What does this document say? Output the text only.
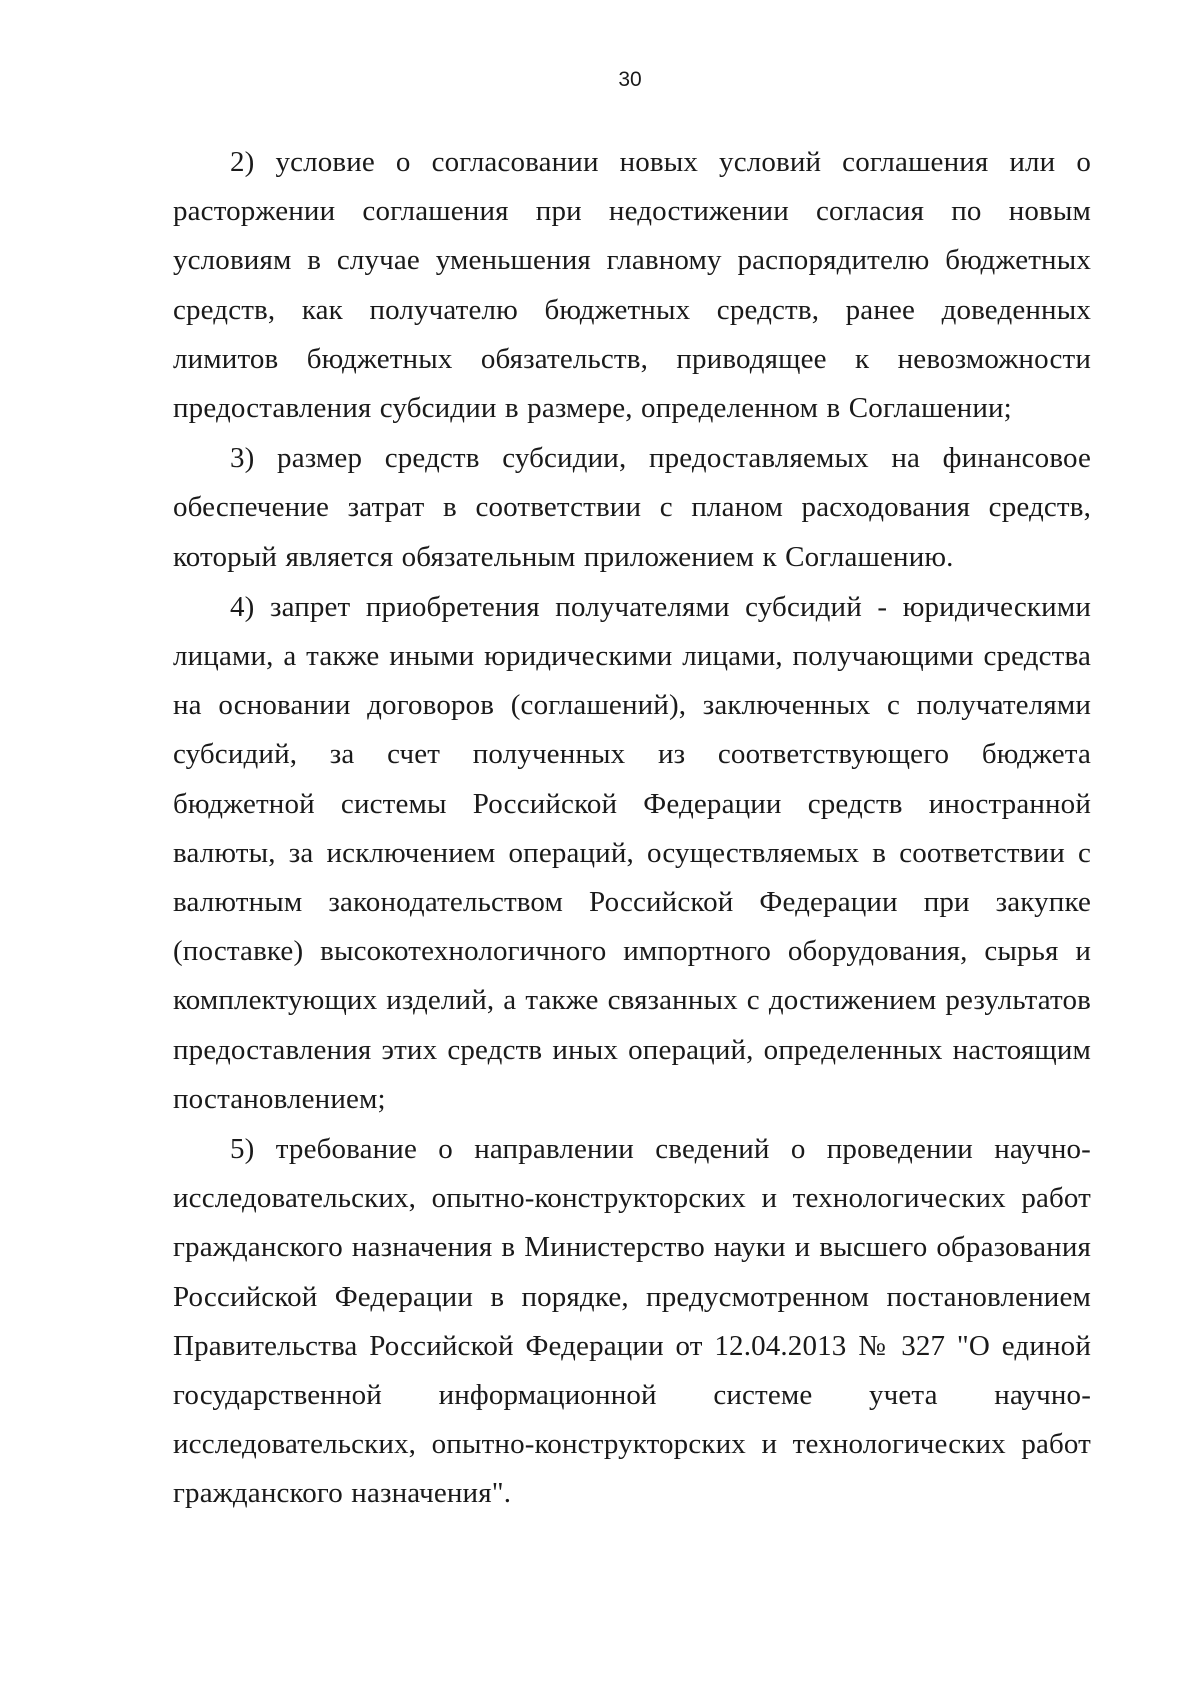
30

2) условие о согласовании новых условий соглашения или о расторжении соглашения при недостижении согласия по новым условиям в случае уменьшения главному распорядителю бюджетных средств, как получателю бюджетных средств, ранее доведенных лимитов бюджетных обязательств, приводящее к невозможности предоставления субсидии в размере, определенном в Соглашении;

3) размер средств субсидии, предоставляемых на финансовое обеспечение затрат в соответствии с планом расходования средств, который является обязательным приложением к Соглашению.

4) запрет приобретения получателями субсидий - юридическими лицами, а также иными юридическими лицами, получающими средства на основании договоров (соглашений), заключенных с получателями субсидий, за счет полученных из соответствующего бюджета бюджетной системы Российской Федерации средств иностранной валюты, за исключением операций, осуществляемых в соответствии с валютным законодательством Российской Федерации при закупке (поставке) высокотехнологичного импортного оборудования, сырья и комплектующих изделий, а также связанных с достижением результатов предоставления этих средств иных операций, определенных настоящим постановлением;

5) требование о направлении сведений о проведении научно-исследовательских, опытно-конструкторских и технологических работ гражданского назначения в Министерство науки и высшего образования Российской Федерации в порядке, предусмотренном постановлением Правительства Российской Федерации от 12.04.2013 № 327 "О единой государственной информационной системе учета научно-исследовательских, опытно-конструкторских и технологических работ гражданского назначения".
